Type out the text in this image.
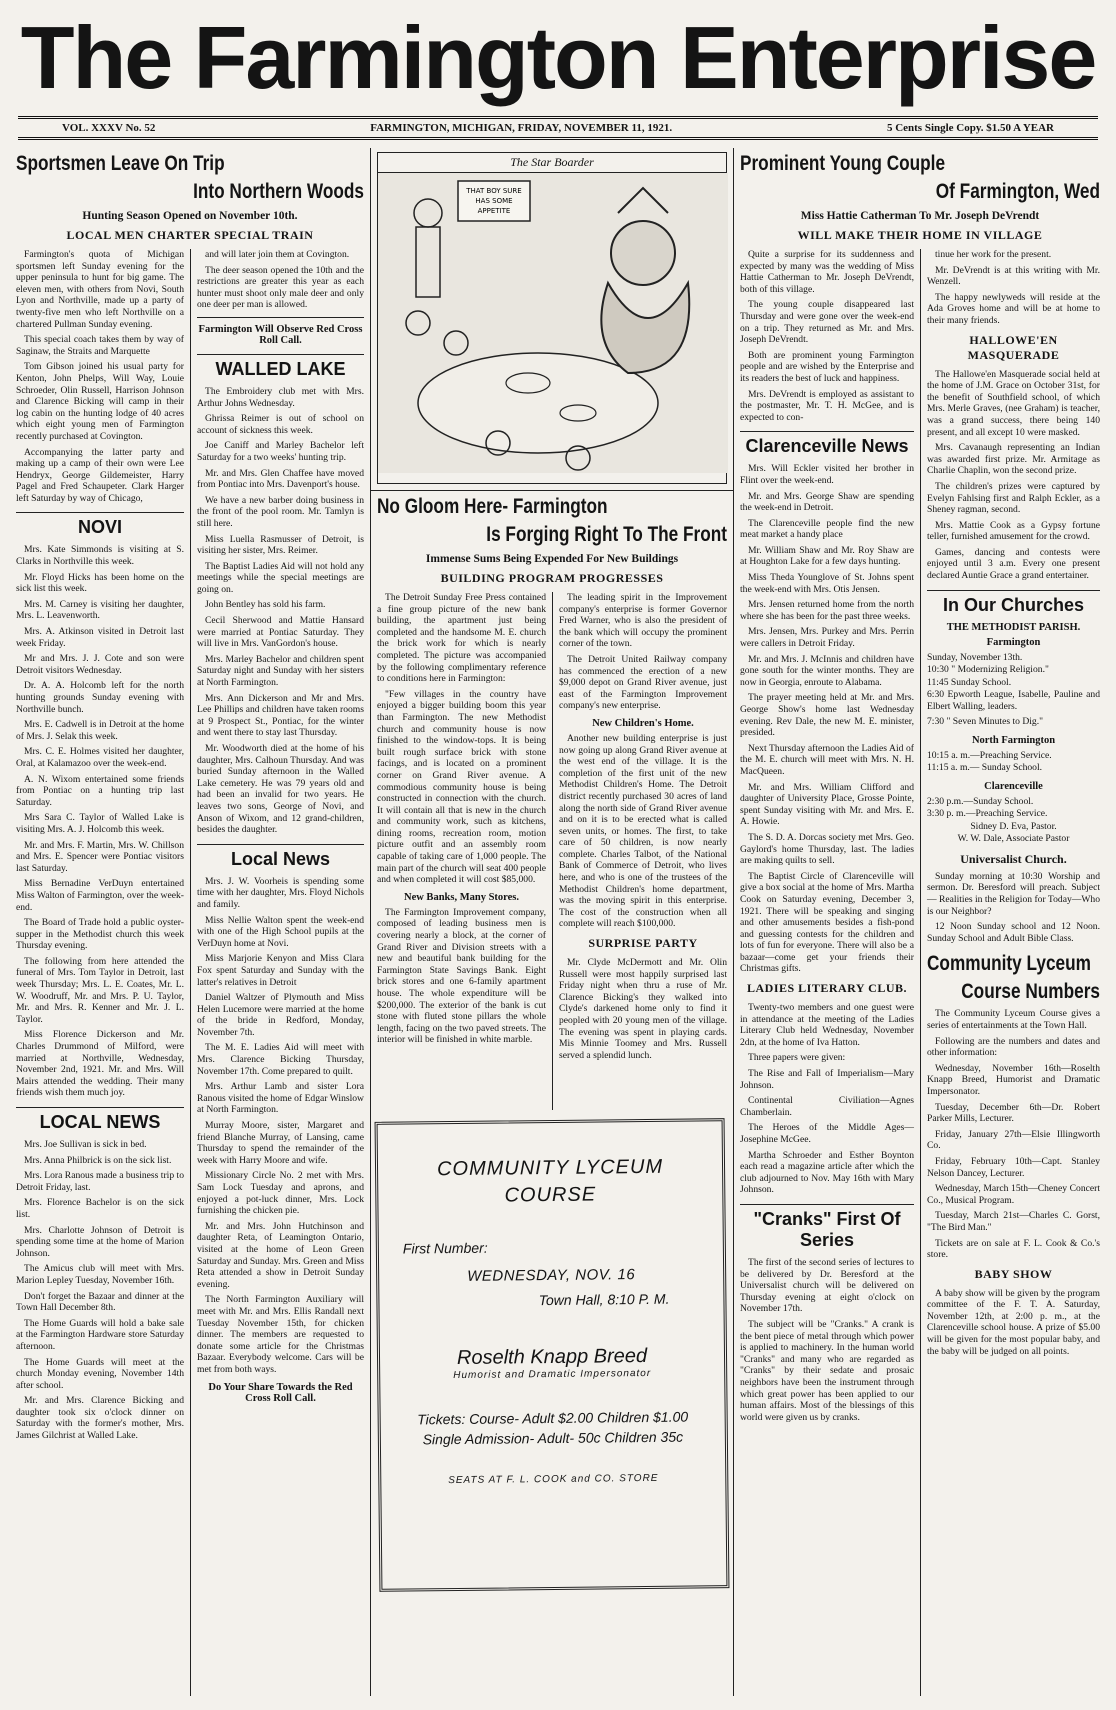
The Farmington Enterprise
VOL. XXXV No. 52	FARMINGTON, MICHIGAN, FRIDAY, NOVEMBER 11, 1921.	5 Cents Single Copy. $1.50 A YEAR
Sportsmen Leave On Trip
Into Northern Woods
Hunting Season Opened on November 10th.
LOCAL MEN CHARTER SPECIAL TRAIN

Farmington's quota of Michigan sportsmen left Sunday evening for the upper peninsula to hunt for big game. The eleven men, with others from Novi, South Lyon and Northville, made up a party of twenty-five men who left Northville on a chartered Pullman Sunday evening.

This special coach takes them by way of Saginaw, the Straits and Marquette

Tom Gibson joined his usual party for Kenton, John Phelps, Will Way, Louie Schroeder, Olin Russell, Harrison Johnson and Clarence Bicking will camp in their log cabin on the hunting lodge of 40 acres which eight young men of Farmington recently purchased at Covington.

Accompanying the latter party and making up a camp of their own were Lee Hendryx, George Gildemeister, Harry Pagel and Fred Schaupeter. Clark Harger left Saturday by way of Chicago,

NOVI

Mrs. Kate Simmonds is visiting at S. Clarks in Northville this week.

Mr. Floyd Hicks has been home on the sick list this week.

Mrs. M. Carney is visiting her daughter, Mrs. L. Leavenworth.

Mrs. A. Atkinson visited in Detroit last week Friday.

Mr and Mrs. J. J. Cote and son were Detroit visitors Wednesday.

Dr. A. A. Holcomb left for the north hunting grounds Sunday evening with Northville bunch.

Mrs. E. Cadwell is in Detroit at the home of Mrs. J. Selak this week.

Mrs. C. E. Holmes visited her daughter, Oral, at Kalamazoo over the week-end.

A. N. Wixom entertained some friends from Pontiac on a hunting trip last Saturday.

Mrs Sara C. Taylor of Walled Lake is visiting Mrs. A. J. Holcomb this week.

Mr. and Mrs. F. Martin, Mrs. W. Chillson and Mrs. E. Spencer were Pontiac visitors last Saturday.

Miss Bernadine VerDuyn entertained Miss Walton of Farmington, over the week-end.

The Board of Trade hold a public oyster-supper in the Methodist church this week Thursday evening.

The following from here attended the funeral of Mrs. Tom Taylor in Detroit, last week Thursday; Mrs. L. E. Coates, Mr. L. W. Woodruff, Mr. and Mrs. P. U. Taylor, Mr. and Mrs. R. Kenner and Mr. J. L. Taylor.

Miss Florence Dickerson and Mr. Charles Drummond of Milford, were married at Northville, Wednesday, November 2nd, 1921. Mr. and Mrs. Will Mairs attended the wedding. Their many friends wish them much joy.

LOCAL NEWS

Mrs. Joe Sullivan is sick in bed.

Mrs. Anna Philbrick is on the sick list.

Mrs. Lora Ranous made a business trip to Detroit Friday, last.

Mrs. Florence Bachelor is on the sick list.

Mrs. Charlotte Johnson of Detroit is spending some time at the home of Marion Johnson.

The Amicus club will meet with Mrs. Marion Lepley Tuesday, November 16th.

Don't forget the Bazaar and dinner at the Town Hall December 8th.

The Home Guards will hold a bake sale at the Farmington Hardware store Saturday afternoon.

The Home Guards will meet at the church Monday evening, November 14th after school.

Mr. and Mrs. Clarence Bicking and daughter took six o'clock dinner on Saturday with the former's mother, Mrs. James Gilchrist at Walled Lake.

and will later join them at Covington.

The deer season opened the 10th and the restrictions are greater this year as each hunter must shoot only male deer and only one deer per man is allowed.

Farmington Will Observe Red Cross Roll Call.
WALLED LAKE

The Embroidery club met with Mrs. Arthur Johns Wednesday.

Ghrissa Reimer is out of school on account of sickness this week.

Joe Caniff and Marley Bachelor left Saturday for a two weeks' hunting trip.

Mr. and Mrs. Glen Chaffee have moved from Pontiac into Mrs. Davenport's house.

We have a new barber doing business in the front of the pool room. Mr. Tamlyn is still here.

Miss Luella Rasmusser of Detroit, is visiting her sister, Mrs. Reimer.

The Baptist Ladies Aid will not hold any meetings while the special meetings are going on.

John Bentley has sold his farm.

Cecil Sherwood and Mattie Hansard were married at Pontiac Saturday. They will live in Mrs. VanGordon's house.

Mrs. Marley Bachelor and children spent Saturday night and Sunday with her sisters at North Farmington.

Mrs. Ann Dickerson and Mr and Mrs. Lee Phillips and children have taken rooms at 9 Prospect St., Pontiac, for the winter and went there to stay last Thursday.

Mr. Woodworth died at the home of his daughter, Mrs. Calhoun Thursday. And was buried Sunday afternoon in the Walled Lake cemetery. He was 79 years old and had been an invalid for two years. He leaves two sons, George of Novi, and Anson of Wixom, and 12 grand-children, besides the daughter.

Local News

Mrs. J. W. Voorheis is spending some time with her daughter, Mrs. Floyd Nichols and family.

Miss Nellie Walton spent the week-end with one of the High School pupils at the VerDuyn home at Novi.

Miss Marjorie Kenyon and Miss Clara Fox spent Saturday and Sunday with the latter's relatives in Detroit

Daniel Waltzer of Plymouth and Miss Helen Lucemore were married at the home of the bride in Redford, Monday, November 7th.

The M. E. Ladies Aid will meet with Mrs. Clarence Bicking Thursday, November 17th. Come prepared to quilt.

Mrs. Arthur Lamb and sister Lora Ranous visited the home of Edgar Winslow at North Farmington.

Murray Moore, sister, Margaret and friend Blanche Murray, of Lansing, came Thursday to spend the remainder of the week with Harry Moore and wife.

Missionary Circle No. 2 met with Mrs. Sam Lock Tuesday and aprons, and enjoyed a pot-luck dinner, Mrs. Lock furnishing the chicken pie.

Mr. and Mrs. John Hutchinson and daughter Reta, of Leamington Ontario, visited at the home of Leon Green Saturday and Sunday. Mrs. Green and Miss Reta attended a show in Detroit Sunday evening.

The North Farmington Auxiliary will meet with Mr. and Mrs. Ellis Randall next Tuesday November 15th, for chicken dinner. The members are requested to donate some article for the Christmas Bazaar. Everybody welcome. Cars will be met from both ways.

Do Your Share Towards the Red Cross Roll Call.
The Star Boarder
THAT BOY SURE
HAS SOME
APPETITE
No Gloom Here- Farmington
Is Forging Right To The Front
Immense Sums Being Expended For New Buildings
BUILDING PROGRAM PROGRESSES

The Detroit Sunday Free Press contained a fine group picture of the new bank building, the apartment just being completed and the handsome M. E. church the brick work for which is nearly completed. The picture was accompanied by the following complimentary reference to conditions here in Farmington:

"Few villages in the country have enjoyed a bigger building boom this year than Farmington. The new Methodist church and community house is now finished to the window-tops. It is being built rough surface brick with stone facings, and is located on a prominent corner on Grand River avenue. A commodious community house is being constructed in connection with the church. It will contain all that is new in the church and community work, such as kitchens, dining rooms, recreation room, motion picture outfit and an assembly room capable of taking care of 1,000 people. The main part of the church will seat 400 people and when completed it will cost $85,000.

New Banks, Many Stores.

The Farmington Improvement company, composed of leading business men is covering nearly a block, at the corner of Grand River and Division streets with a new and beautiful bank building for the Farmington State Savings Bank. Eight brick stores and one 6-family apartment house. The whole expenditure will be $200,000. The exterior of the bank is cut stone with fluted stone pillars the whole length, facing on the two paved streets. The interior will be finished in white marble.

The leading spirit in the Improvement company's enterprise is former Governor Fred Warner, who is also the president of the bank which will occupy the prominent corner of the town.

The Detroit United Railway company has commenced the erection of a new $9,000 depot on Grand River avenue, just east of the Farmington Improvement company's new enterprise.

New Children's Home.

Another new building enterprise is just now going up along Grand River avenue at the west end of the village. It is the completion of the first unit of the new Methodist Children's Home. The Detroit district recently purchased 30 acres of land along the north side of Grand River avenue and on it is to be erected what is called seven units, or homes. The first, to take care of 50 children, is now nearly complete. Charles Talbot, of the National Bank of Commerce of Detroit, who lives here, and who is one of the trustees of the Methodist Children's home department, was the moving spirit in this enterprise. The cost of the construction when all complete will reach $100,000.

SURPRISE PARTY

Mr. Clyde McDermott and Mr. Olin Russell were most happily surprised last Friday night when thru a ruse of Mr. Clarence Bicking's they walked into Clyde's darkened home only to find it peopled with 20 young men of the village. The evening was spent in playing cards. Mis Minnie Toomey and Mrs. Russell served a splendid lunch.

COMMUNITY LYCEUM
COURSE
First Number:
WEDNESDAY, NOV. 16
Town Hall, 8:10 P. M.
Roselth Knapp Breed
Humorist and Dramatic Impersonator
Tickets: Course- Adult $2.00 Children $1.00
Single Admission- Adult- 50c Children 35c
SEATS AT F. L. COOK and CO. STORE
Prominent Young Couple
Of Farmington, Wed
Miss Hattie Catherman To Mr. Joseph DeVrendt
WILL MAKE THEIR HOME IN VILLAGE

Quite a surprise for its suddenness and expected by many was the wedding of Miss Hattie Catherman to Mr. Joseph DeVrendt, both of this village.

The young couple disappeared last Thursday and were gone over the week-end on a trip. They returned as Mr. and Mrs. Joseph DeVrendt.

Both are prominent young Farmington people and are wished by the Enterprise and its readers the best of luck and happiness.

Mrs. DeVrendt is employed as assistant to the postmaster, Mr. T. H. McGee, and is expected to con-

Clarenceville News

Mrs. Will Eckler visited her brother in Flint over the week-end.

Mr. and Mrs. George Shaw are spending the week-end in Detroit.

The Clarenceville people find the new meat market a handy place

Mr. William Shaw and Mr. Roy Shaw are at Houghton Lake for a few days hunting.

Miss Theda Younglove of St. Johns spent the week-end with Mrs. Otis Jensen.

Mrs. Jensen returned home from the north where she has been for the past three weeks.

Mrs. Jensen, Mrs. Purkey and Mrs. Perrin were callers in Detroit Friday.

Mr. and Mrs. J. McInnis and children have gone south for the winter months. They are now in Georgia, enroute to Alabama.

The prayer meeting held at Mr. and Mrs. George Show's home last Wednesday evening. Rev Dale, the new M. E. minister, presided.

Next Thursday afternoon the Ladies Aid of the M. E. church will meet with Mrs. N. H. MacQueen.

Mr. and Mrs. William Clifford and daughter of University Place, Grosse Pointe, spent Sunday visiting with Mr. and Mrs. E. A. Howie.

The S. D. A. Dorcas society met Mrs. Geo. Gaylord's home Thursday, last. The ladies are making quilts to sell.

The Baptist Circle of Clarenceville will give a box social at the home of Mrs. Martha Cook on Saturday evening, December 3, 1921. There will be speaking and singing and other amusements besides a fish-pond and guessing contests for the children and lots of fun for everyone. There will also be a bazaar—come get your friends their Christmas gifts.

LADIES LITERARY CLUB.

Twenty-two members and one guest were in attendance at the meeting of the Ladies Literary Club held Wednesday, November 2dn, at the home of Iva Hatton.

Three papers were given:

The Rise and Fall of Imperialism—Mary Johnson.

Continental Civiliation—Agnes Chamberlain.

The Heroes of the Middle Ages—Josephine McGee.

Martha Schroeder and Esther Boynton each read a magazine article after which the club adjourned to Nov. May 16th with Mary Johnson.

"Cranks" First Of Series

The first of the second series of lectures to be delivered by Dr. Beresford at the Universalist church will be delivered on Thursday evening at eight o'clock on November 17th.

The subject will be "Cranks." A crank is the bent piece of metal through which power is applied to machinery. In the human world "Cranks" and many who are regarded as "Cranks" by their sedate and prosaic neighbors have been the instrument through which great power has been applied to our human affairs. Most of the blessings of this world were given us by cranks.

tinue her work for the present.

Mr. DeVrendt is at this writing with Mr. Wenzell.

The happy newlyweds will reside at the Ada Groves home and will be at home to their many friends.

HALLOWE'EN MASQUERADE

The Hallowe'en Masquerade social held at the home of J.M. Grace on October 31st, for the benefit of Southfield school, of which Mrs. Merle Graves, (nee Graham) is teacher, was a grand success, there being 140 present, and all except 10 were masked.

Mrs. Cavanaugh representing an Indian was awarded first prize. Mr. Armitage as Charlie Chaplin, won the second prize.

The children's prizes were captured by Evelyn Fahlsing first and Ralph Eckler, as a Sheney ragman, second.

Mrs. Mattie Cook as a Gypsy fortune teller, furnished amusement for the crowd.

Games, dancing and contests were enjoyed until 3 a.m. Every one present declared Auntie Grace a grand entertainer.

In Our Churches
THE METHODIST PARISH.
Farmington
Sunday, November 13th.
10:30 " Modernizing Religion."
11:45 Sunday School.

6:30 Epworth League, Isabelle, Pauline and Elbert Walling, leaders.

7:30 " Seven Minutes to Dig."
North Farmington
10:15 a. m.—Preaching Service.
11:15 a. m.— Sunday School.
Clarenceville
2:30 p.m.—Sunday School.
3:30 p. m.—Preaching Service.
Sidney D. Eva, Pastor.
W. W. Dale, Associate Pastor
Universalist Church.

Sunday morning at 10:30 Worship and sermon. Dr. Beresford will preach. Subject— Realities in the Religion for Today—Who is our Neighbor?

12 Noon Sunday school and 12 Noon. Sunday School and Adult Bible Class.

Community Lyceum
Course Numbers

The Community Lyceum Course gives a series of entertainments at the Town Hall.

Following are the numbers and dates and other information:

Wednesday, November 16th—Roselth Knapp Breed, Humorist and Dramatic Impersonator.

Tuesday, December 6th—Dr. Robert Parker Mills, Lecturer.

Friday, January 27th—Elsie Illingworth Co.

Friday, February 10th—Capt. Stanley Nelson Dancey, Lecturer.

Wednesday, March 15th—Cheney Concert Co., Musical Program.

Tuesday, March 21st—Charles C. Gorst, "The Bird Man."

Tickets are on sale at F. L. Cook & Co.'s store.

BABY SHOW

A baby show will be given by the program committee of the F. T. A. Saturday, November 12th, at 2:00 p. m., at the Clarenceville school house. A prize of $5.00 will be given for the most popular baby, and the baby will be judged on all points.
